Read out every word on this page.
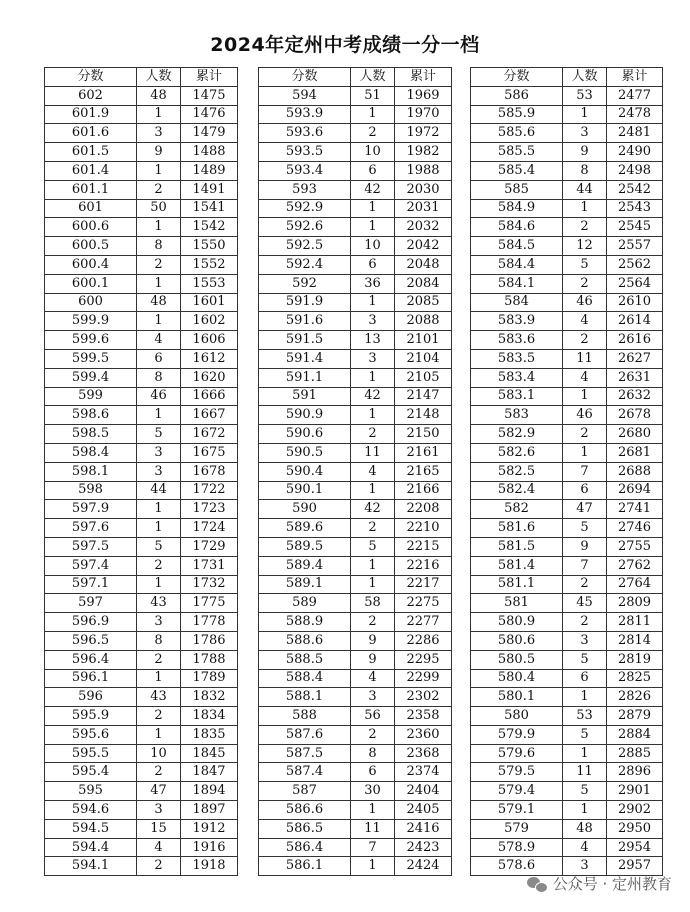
2024年定州中考成绩一分一档
分数	人数	累计
602	48	1475
601.9	1	1476
601.6	3	1479
601.5	9	1488
601.4	1	1489
601.1	2	1491
601	50	1541
600.6	1	1542
600.5	8	1550
600.4	2	1552
600.1	1	1553
600	48	1601
599.9	1	1602
599.6	4	1606
599.5	6	1612
599.4	8	1620
599	46	1666
598.6	1	1667
598.5	5	1672
598.4	3	1675
598.1	3	1678
598	44	1722
597.9	1	1723
597.6	1	1724
597.5	5	1729
597.4	2	1731
597.1	1	1732
597	43	1775
596.9	3	1778
596.5	8	1786
596.4	2	1788
596.1	1	1789
596	43	1832
595.9	2	1834
595.6	1	1835
595.5	10	1845
595.4	2	1847
595	47	1894
594.6	3	1897
594.5	15	1912
594.4	4	1916
594.1	2	1918
分数	人数	累计
594	51	1969
593.9	1	1970
593.6	2	1972
593.5	10	1982
593.4	6	1988
593	42	2030
592.9	1	2031
592.6	1	2032
592.5	10	2042
592.4	6	2048
592	36	2084
591.9	1	2085
591.6	3	2088
591.5	13	2101
591.4	3	2104
591.1	1	2105
591	42	2147
590.9	1	2148
590.6	2	2150
590.5	11	2161
590.4	4	2165
590.1	1	2166
590	42	2208
589.6	2	2210
589.5	5	2215
589.4	1	2216
589.1	1	2217
589	58	2275
588.9	2	2277
588.6	9	2286
588.5	9	2295
588.4	4	2299
588.1	3	2302
588	56	2358
587.6	2	2360
587.5	8	2368
587.4	6	2374
587	30	2404
586.6	1	2405
586.5	11	2416
586.4	7	2423
586.1	1	2424
分数	人数	累计
586	53	2477
585.9	1	2478
585.6	3	2481
585.5	9	2490
585.4	8	2498
585	44	2542
584.9	1	2543
584.6	2	2545
584.5	12	2557
584.4	5	2562
584.1	2	2564
584	46	2610
583.9	4	2614
583.6	2	2616
583.5	11	2627
583.4	4	2631
583.1	1	2632
583	46	2678
582.9	2	2680
582.6	1	2681
582.5	7	2688
582.4	6	2694
582	47	2741
581.6	5	2746
581.5	9	2755
581.4	7	2762
581.1	2	2764
581	45	2809
580.9	2	2811
580.6	3	2814
580.5	5	2819
580.4	6	2825
580.1	1	2826
580	53	2879
579.9	5	2884
579.6	1	2885
579.5	11	2896
579.4	5	2901
579.1	1	2902
579	48	2950
578.9	4	2954
578.6	3	2957
公众号 · 定州教育
